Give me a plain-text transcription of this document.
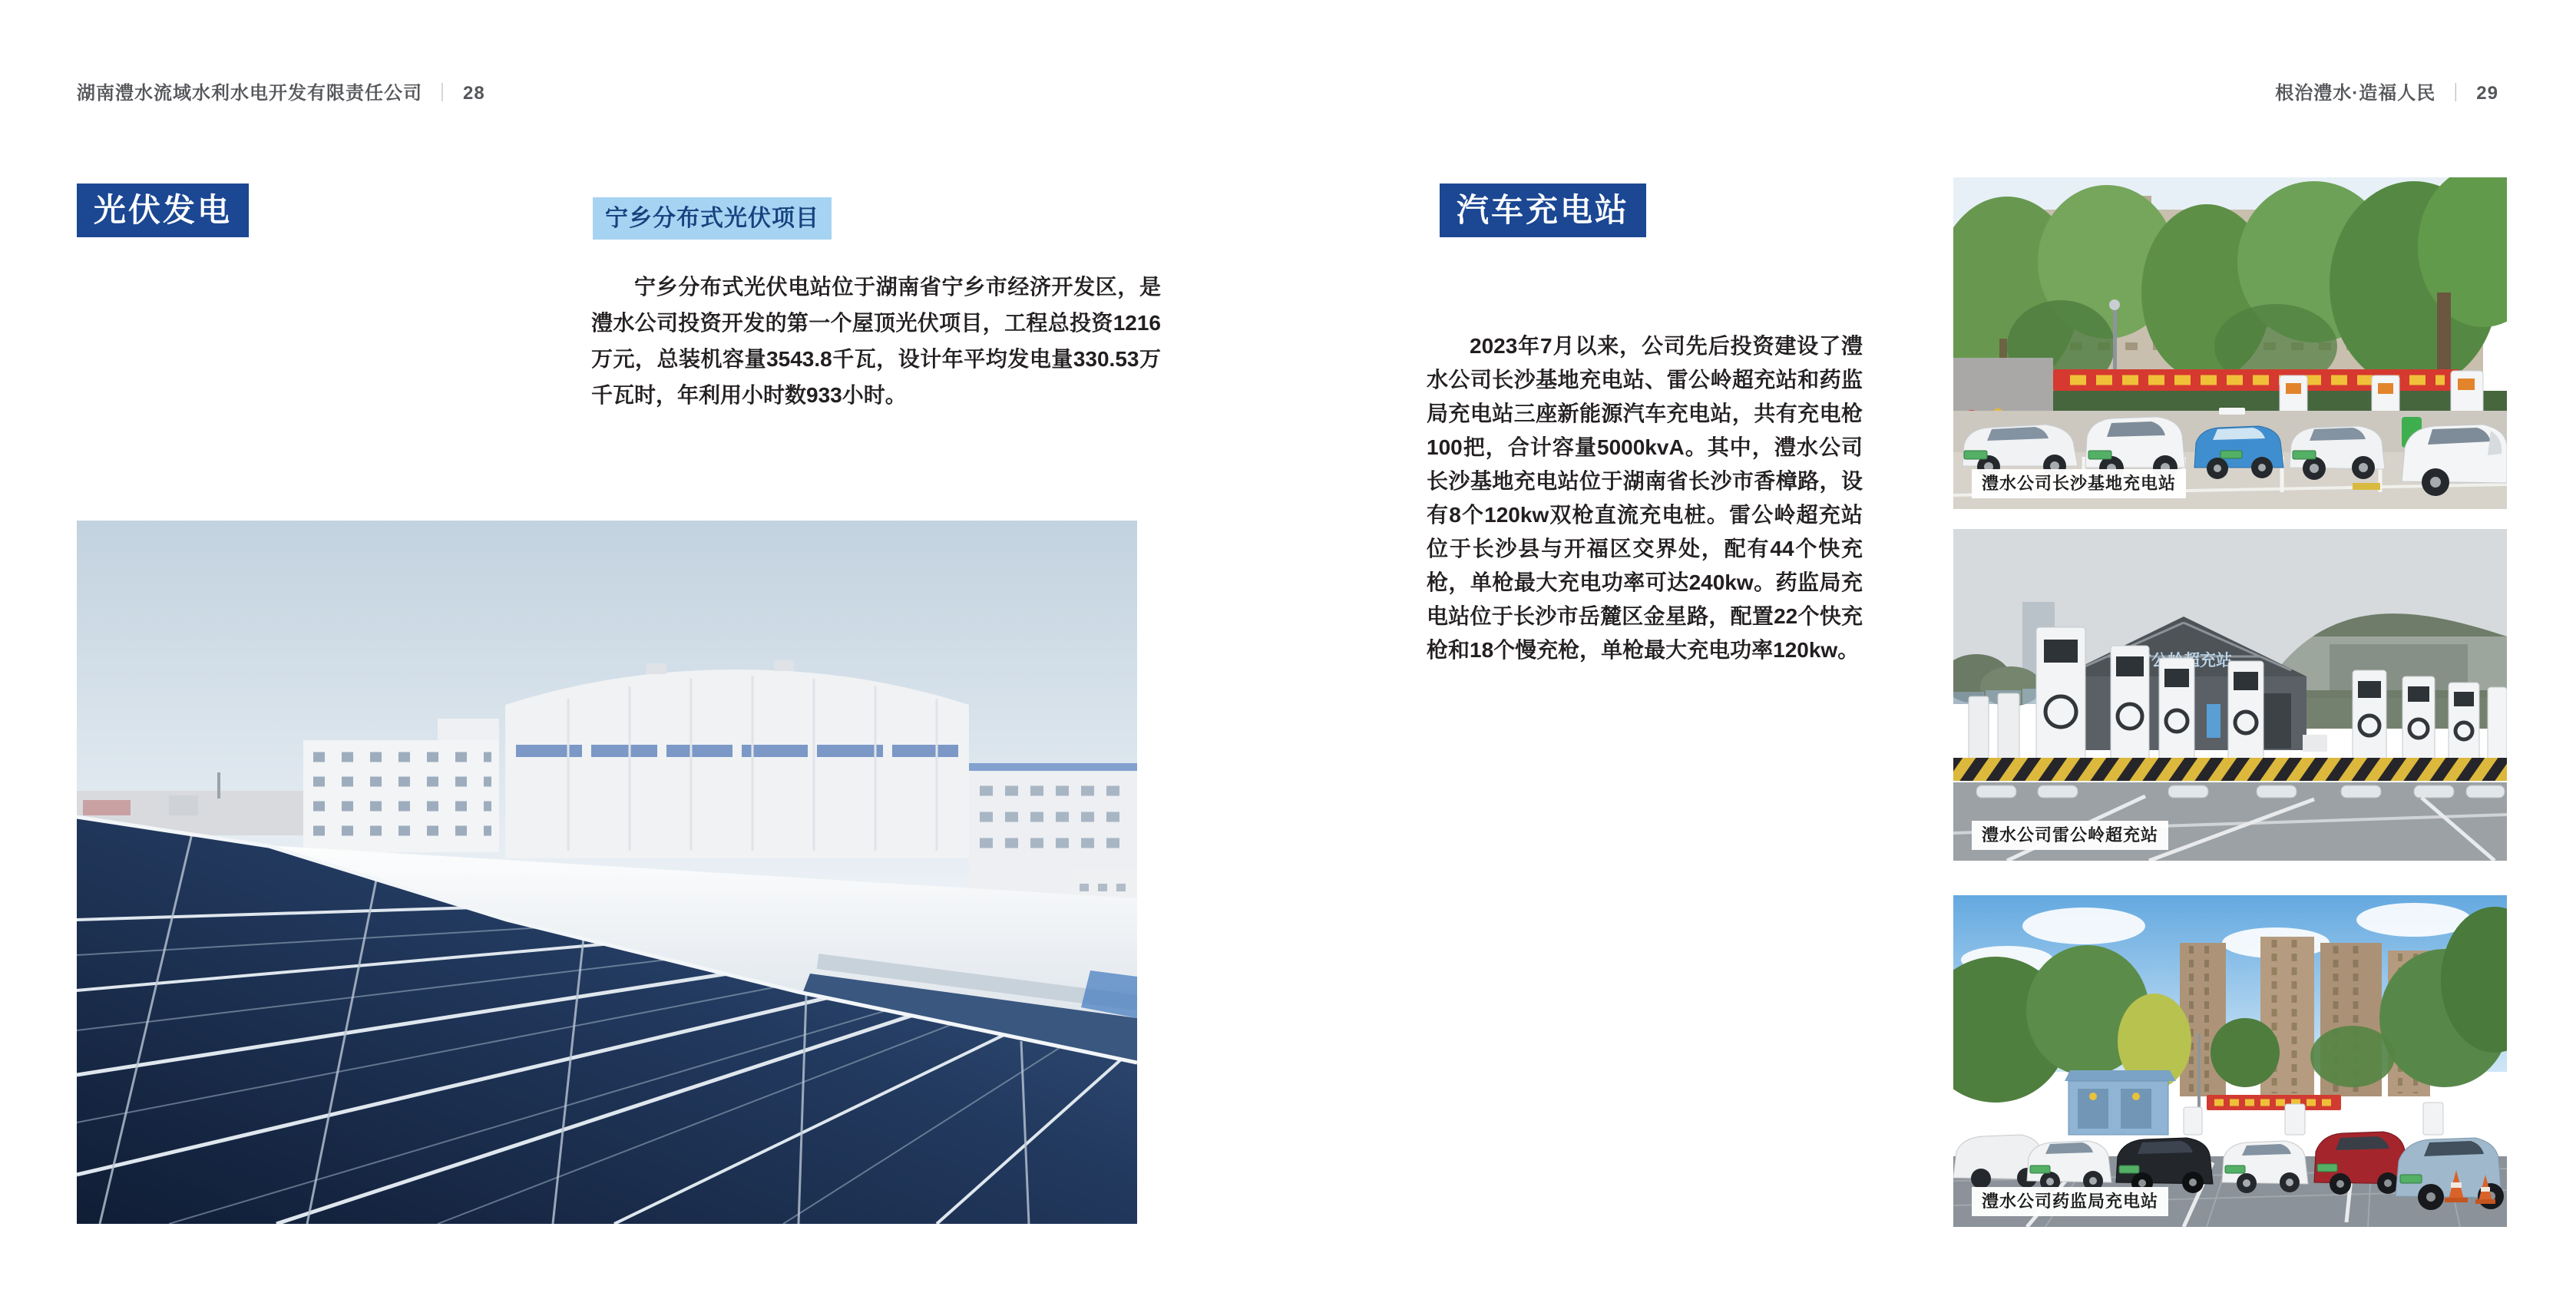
湖南澧水流域水利水电开发有限责任公司 ｜ 28	根治澧水·造福人民 ｜ 29
光伏发电	宁乡分布式光伏项目
宁乡分布式光伏电站位于湖南省宁乡市经济开发区，是澧水公司投资开发的第一个屋顶光伏项目，工程总投资1216万元，总装机容量3543.8千瓦，设计年平均发电量330.53万千瓦时，年利用小时数933小时。
汽车充电站
2023年7月以来，公司先后投资建设了澧水公司长沙基地充电站、雷公岭超充站和药监局充电站三座新能源汽车充电站，共有充电枪100把，合计容量5000kvA。其中，澧水公司长沙基地充电站位于湖南省长沙市香樟路，设有8个120kw双枪直流充电桩。雷公岭超充站位于长沙县与开福区交界处，配有44个快充枪，单枪最大充电功率可达240kw。药监局充电站位于长沙市岳麓区金星路，配置22个快充枪和18个慢充枪，单枪最大充电功率120kw。
澧水公司长沙基地充电站
澧水公司雷公岭超充站
澧水公司药监局充电站
